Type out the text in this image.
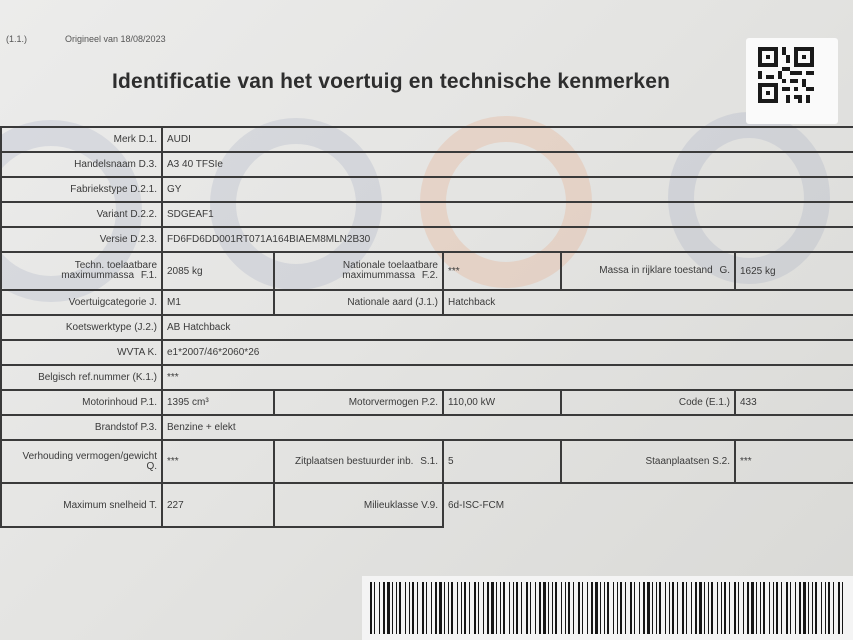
(1.1.)	Origineel van 18/08/2023
Identificatie van het voertuig en technische kenmerken
Merk D.1.	AUDI				
Handelsnaam D.3.	A3 40 TFSIe				
Fabriekstype D.2.1.	GY				
Variant D.2.2.	SDGEAF1				
Versie D.2.3.	FD6FD6DD001RT071A164BIAEM8MLN2B30				
Techn. toelaatbare maximummassa F.1.	2085 kg	Nationale toelaatbare maximummassa F.2.	***	Massa in rijklare toestand G.	1625 kg
Voertuigcategorie J.	M1	Nationale aard (J.1.)	Hatchback		
Koetswerktype (J.2.)	AB Hatchback				
WVTA K.	e1*2007/46*2060*26				
Belgisch ref.nummer (K.1.)	***				
Motorinhoud P.1.	1395 cm³	Motorvermogen P.2.	110,00 kW	Code (E.1.)	433
Brandstof P.3.	Benzine + elekt				
Verhouding vermogen/gewicht Q.	***	Zitplaatsen bestuurder inb. S.1.	5	Staanplaatsen S.2.	***
Maximum snelheid T.	227	Milieuklasse V.9.	6d-ISC-FCM		
